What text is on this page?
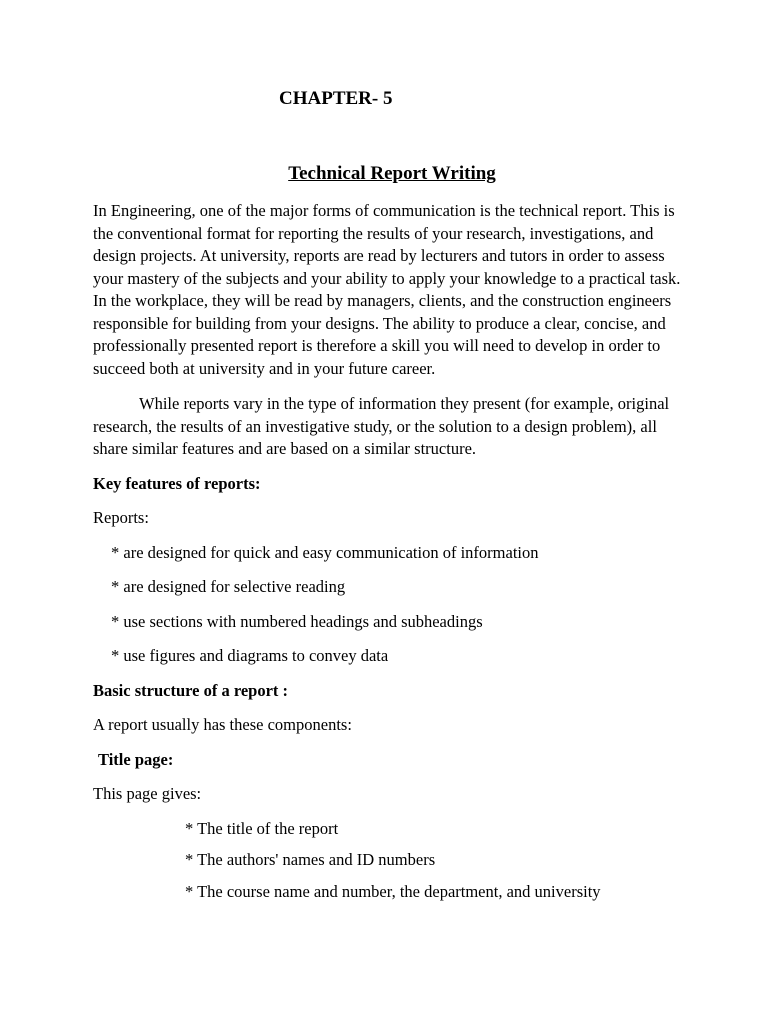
CHAPTER- 5
Technical Report Writing

In Engineering, one of the major forms of communication is the technical report. This is the conventional format for reporting the results of your research, investigations, and design projects. At university, reports are read by lecturers and tutors in order to assess your mastery of the subjects and your ability to apply your knowledge to a practical task. In the workplace, they will be read by managers, clients, and the construction engineers responsible for building from your designs. The ability to produce a clear, concise, and professionally presented report is therefore a skill you will need to develop in order to succeed both at university and in your future career.

While reports vary in the type of information they present (for example, original research, the results of an investigative study, or the solution to a design problem), all share similar features and are based on a similar structure.

Key features of reports:

Reports:

* are designed for quick and easy communication of information

* are designed for selective reading

* use sections with numbered headings and subheadings

* use figures and diagrams to convey data

Basic structure of a report :

A report usually has these components:

Title page:

This page gives:

* The title of the report

* The authors' names and ID numbers

* The course name and number, the department, and university
